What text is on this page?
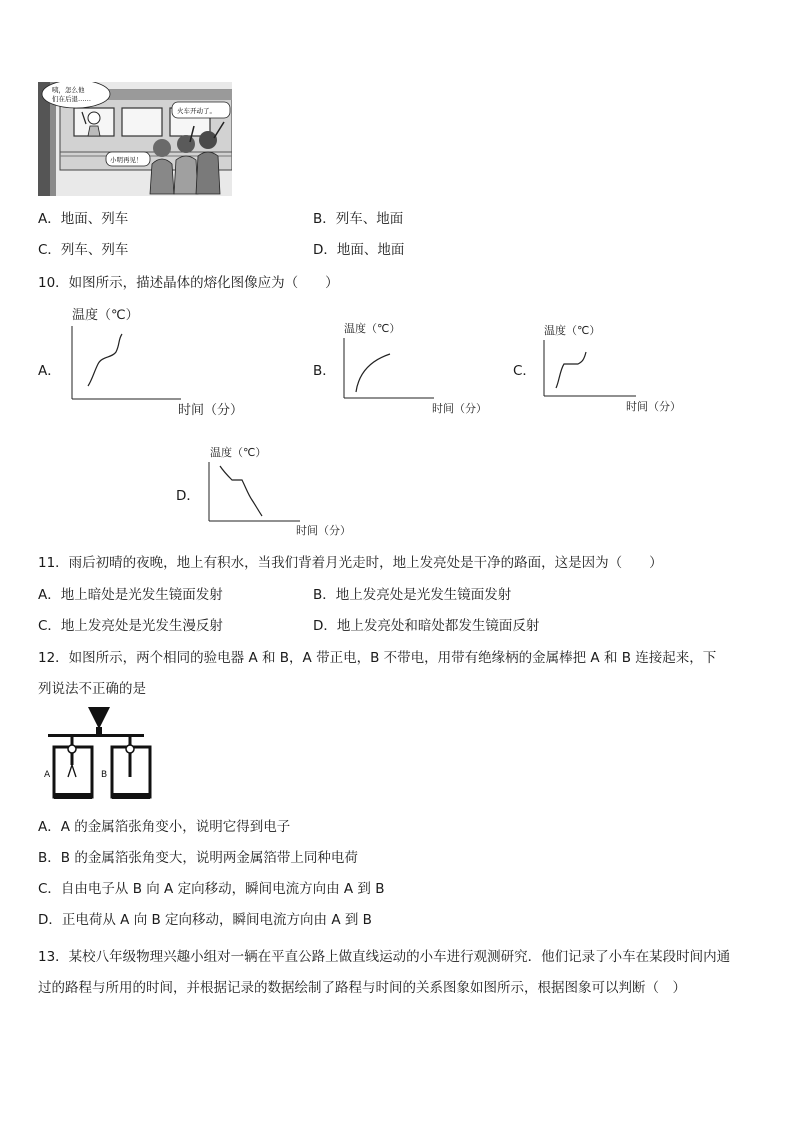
咦，怎么他
们在后退……
火车开动了。
小明再见！
A．地面、列车	B．列车、地面
C．列车、列车	D．地面、地面
10．如图所示，描述晶体的熔化图像应为（　　）
A．
温度（℃）
时间（分）
B．
温度（℃）
时间（分）
C．
温度（℃）
时间（分）
D．
温度（℃）
时间（分）
11．雨后初晴的夜晚，地上有积水，当我们背着月光走时，地上发亮处是干净的路面，这是因为（　　）
A．地上暗处是光发生镜面发射	B．地上发亮处是光发生镜面发射
C．地上发亮处是光发生漫反射	D．地上发亮处和暗处都发生镜面反射
12．如图所示，两个相同的验电器 A 和 B，A 带正电，B 不带电，用带有绝缘柄的金属棒把 A 和 B 连接起来，下
列说法不正确的是
A	B
A．A 的金属箔张角变小，说明它得到电子
B．B 的金属箔张角变大，说明两金属箔带上同种电荷
C．自由电子从 B 向 A 定向移动，瞬间电流方向由 A 到 B
D．正电荷从 A 向 B 定向移动，瞬间电流方向由 A 到 B
13．某校八年级物理兴趣小组对一辆在平直公路上做直线运动的小车进行观测研究．他们记录了小车在某段时间内通
过的路程与所用的时间，并根据记录的数据绘制了路程与时间的关系图象如图所示，根据图象可以判断（　）
